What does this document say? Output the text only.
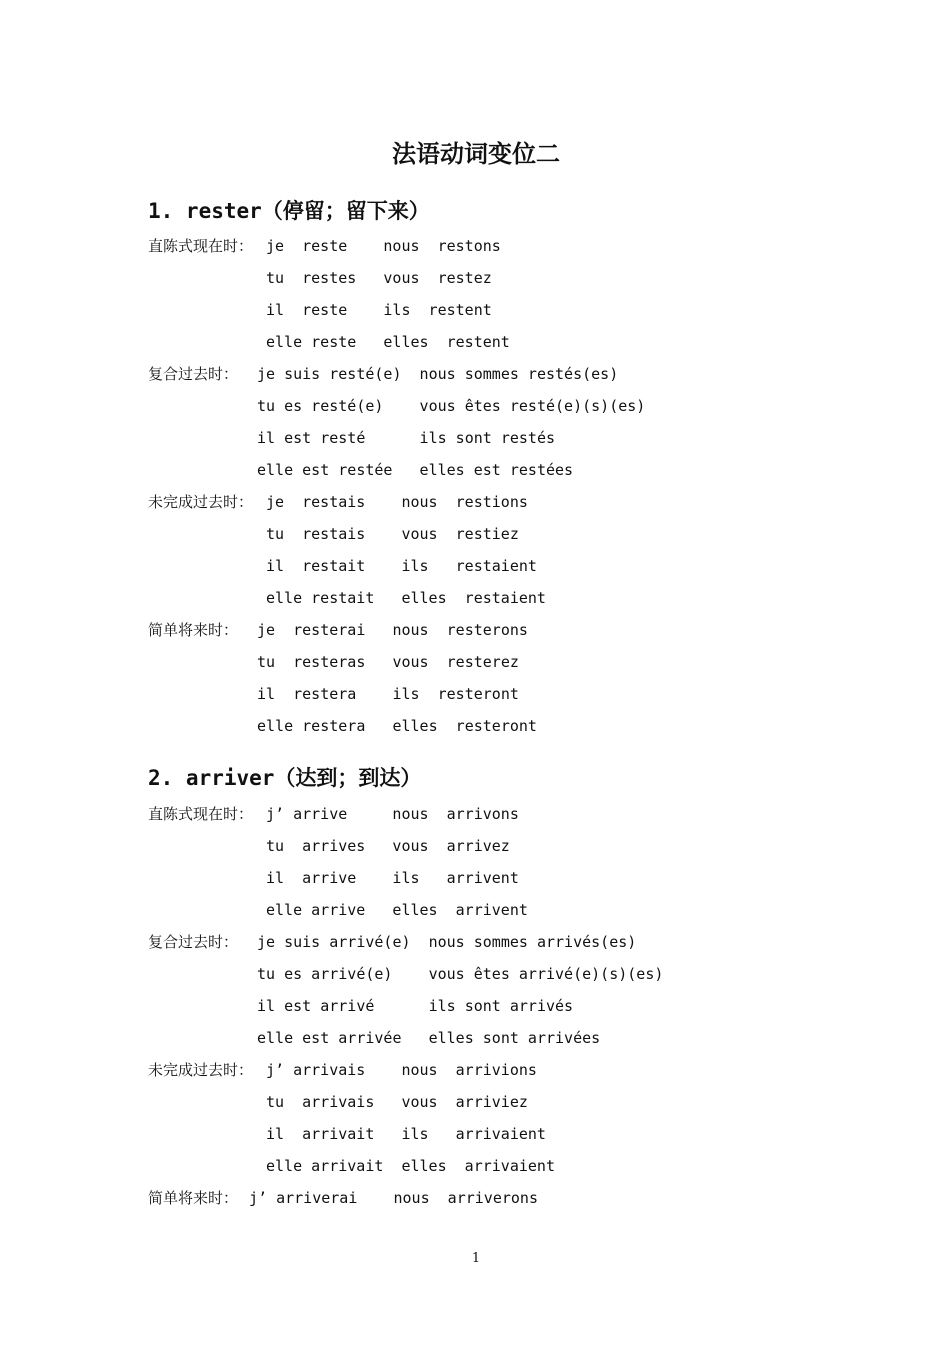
法语动词变位二
1. rester（停留；留下来）
直陈式现在时： je  reste    nous  restons
tu  restes   vous  restez
il  reste    ils  restent
elle reste   elles  restent
复合过去时： je suis resté(e)  nous sommes restés(es)
tu es resté(e)    vous êtes resté(e)(s)(es)
il est resté      ils sont restés
elle est restée   elles est restées
未完成过去时： je  restais    nous  restions
tu  restais    vous  restiez
il  restait    ils   restaient
elle restait   elles  restaient
简单将来时： je  resterai   nous  resterons
tu  resteras   vous  resterez
il  restera    ils  resteront
elle restera   elles  resteront
2. arriver（达到；到达）
直陈式现在时： j’ arrive     nous  arrivons
tu  arrives   vous  arrivez
il  arrive    ils   arrivent
elle arrive   elles  arrivent
复合过去时： je suis arrivé(e)  nous sommes arrivés(es)
tu es arrivé(e)    vous êtes arrivé(e)(s)(es)
il est arrivé      ils sont arrivés
elle est arrivée   elles sont arrivées
未完成过去时： j’ arrivais    nous  arrivions
tu  arrivais   vous  arriviez
il  arrivait   ils   arrivaient
elle arrivait  elles  arrivaient
简单将来时： j’ arriverai    nous  arriverons
1
